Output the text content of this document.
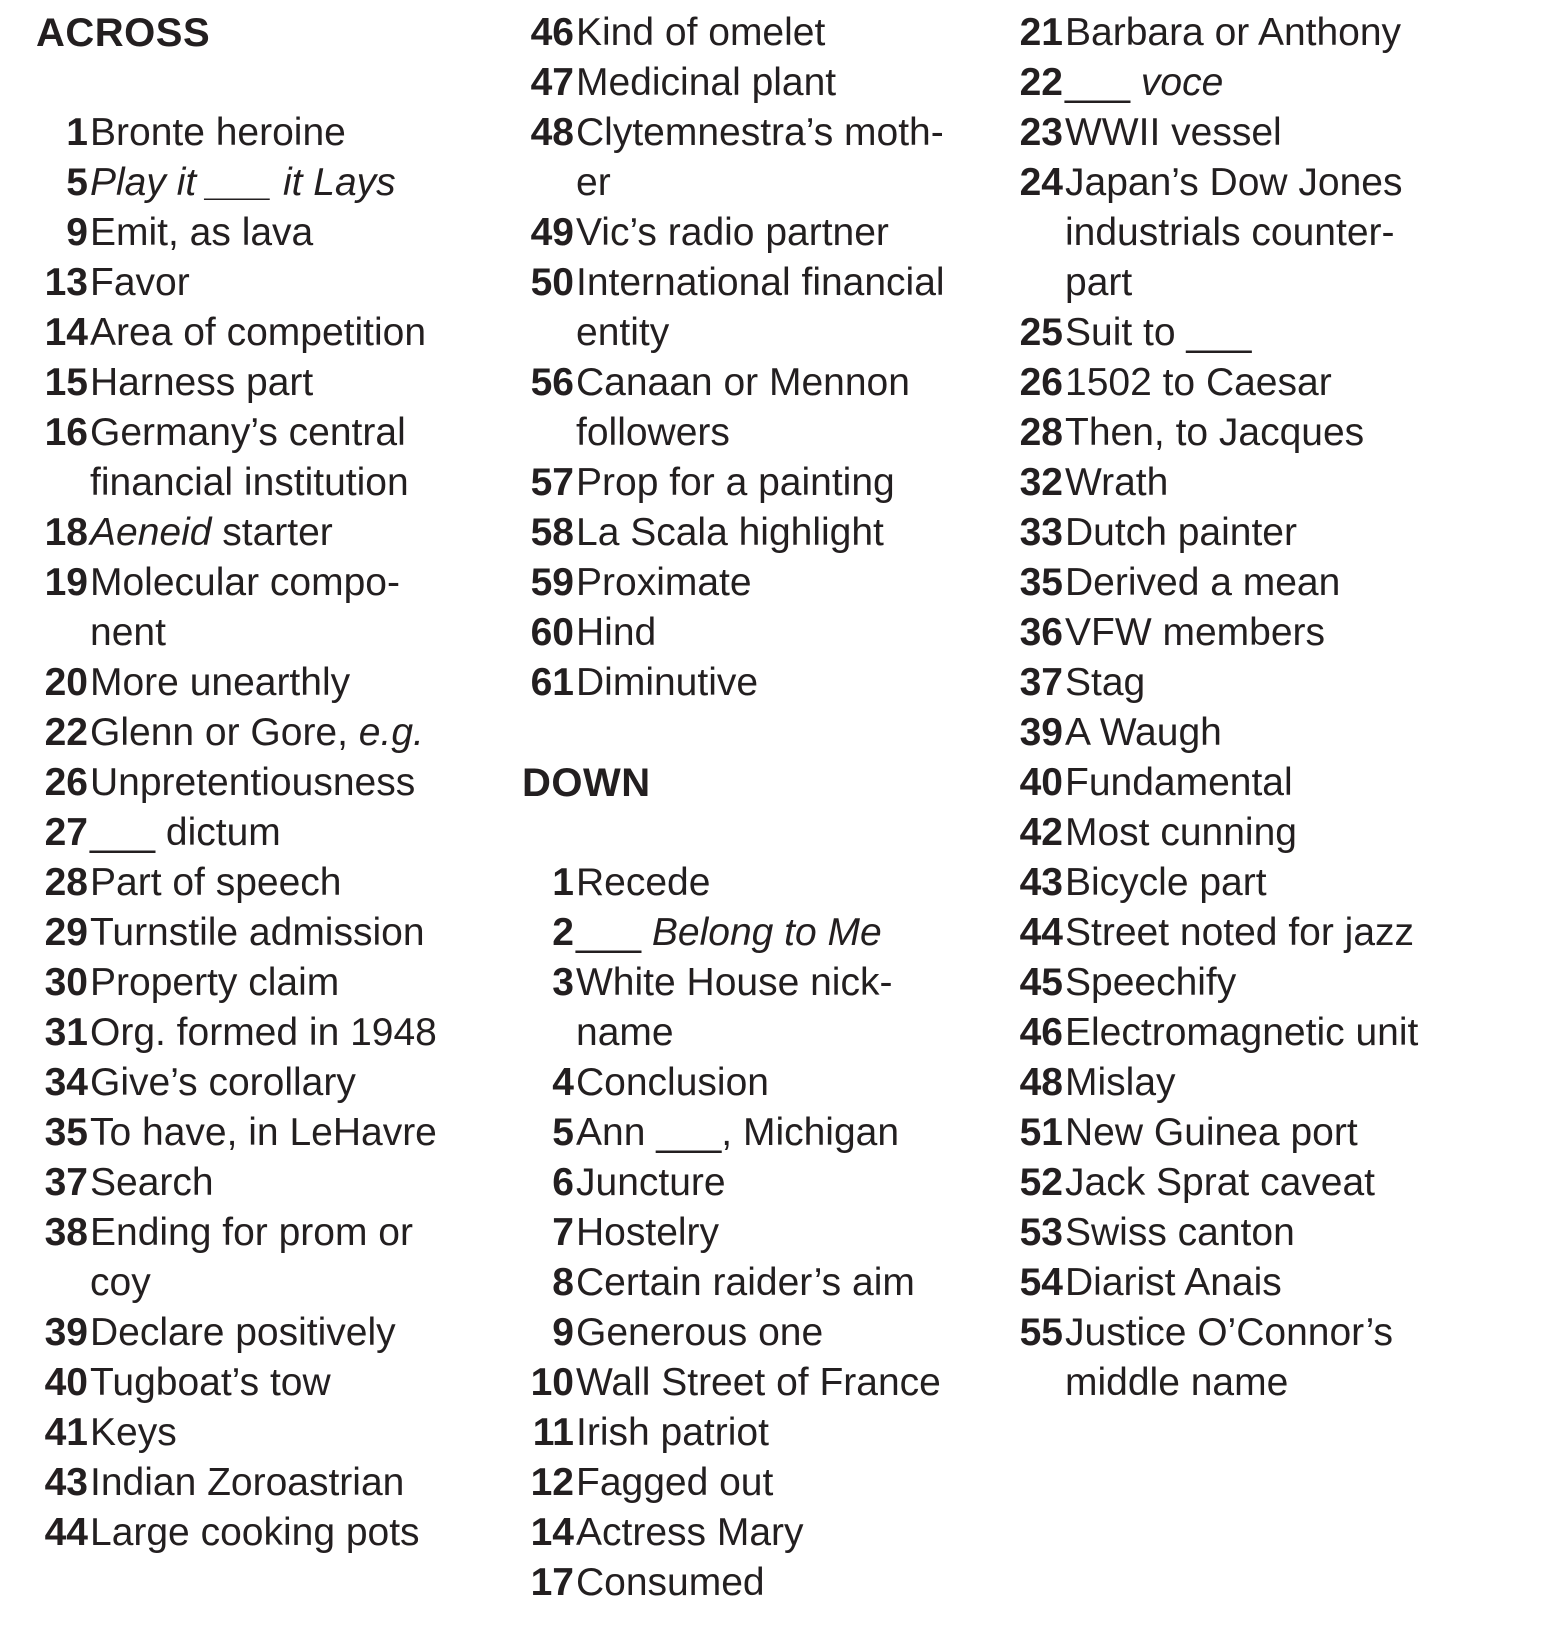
ACROSS
1 Bronte heroine
5 Play it ___ it Lays
9 Emit, as lava
13 Favor
14 Area of competition
15 Harness part
16 Germany’s central
financial institution
18 Aeneid starter
19 Molecular compo-
nent
20 More unearthly
22 Glenn or Gore, e.g.
26 Unpretentiousness
27 ___ dictum
28 Part of speech
29 Turnstile admission
30 Property claim
31 Org. formed in 1948
34 Give’s corollary
35 To have, in LeHavre
37 Search
38 Ending for prom or
coy
39 Declare positively
40 Tugboat’s tow
41 Keys
43 Indian Zoroastrian
44 Large cooking pots
46 Kind of omelet
47 Medicinal plant
48 Clytemnestra’s moth-
er
49 Vic’s radio partner
50 International financial
entity
56 Canaan or Mennon
followers
57 Prop for a painting
58 La Scala highlight
59 Proximate
60 Hind
61 Diminutive
DOWN
1 Recede
2 ___ Belong to Me
3 White House nick-
name
4 Conclusion
5 Ann ___, Michigan
6 Juncture
7 Hostelry
8 Certain raider’s aim
9 Generous one
10 Wall Street of France
11 Irish patriot
12 Fagged out
14 Actress Mary
17 Consumed
21 Barbara or Anthony
22 ___ voce
23 WWII vessel
24 Japan’s Dow Jones
industrials counter-
part
25 Suit to ___
26 1502 to Caesar
28 Then, to Jacques
32 Wrath
33 Dutch painter
35 Derived a mean
36 VFW members
37 Stag
39 A Waugh
40 Fundamental
42 Most cunning
43 Bicycle part
44 Street noted for jazz
45 Speechify
46 Electromagnetic unit
48 Mislay
51 New Guinea port
52 Jack Sprat caveat
53 Swiss canton
54 Diarist Anais
55 Justice O’Connor’s
middle name
